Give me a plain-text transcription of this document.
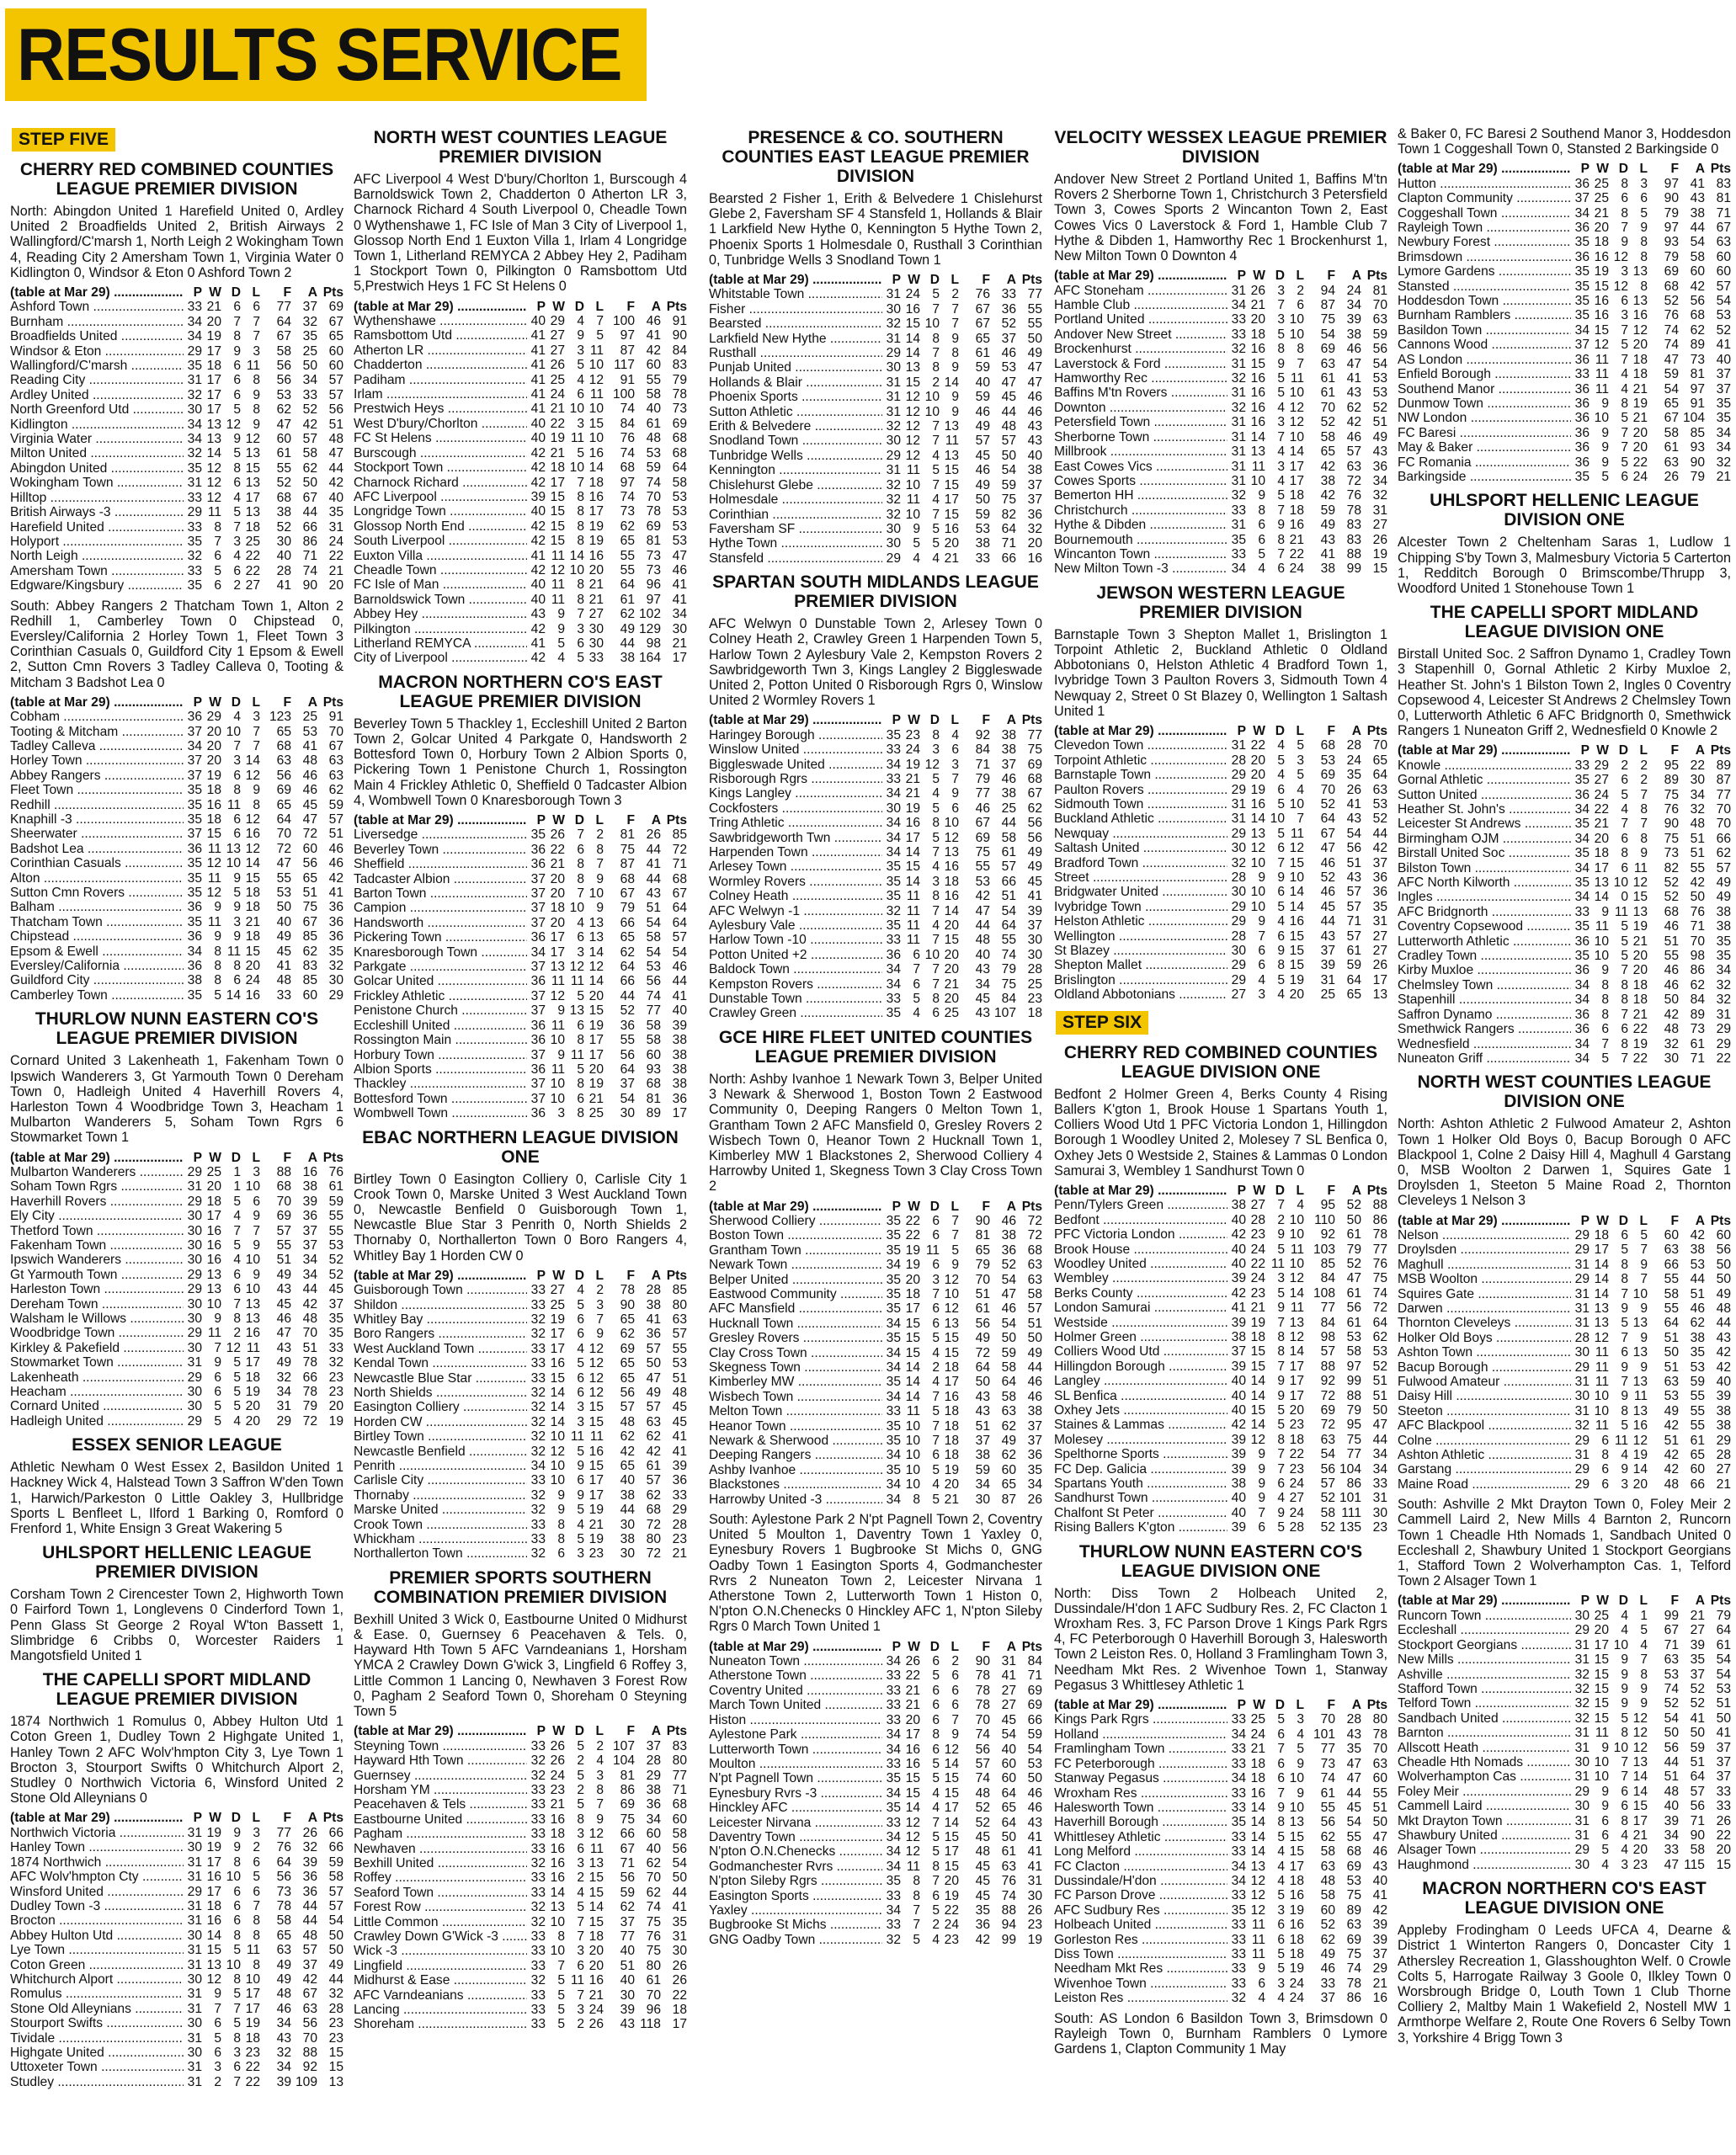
RESULTS SERVICE
STEP FIVE
CHERRY RED COMBINED COUNTIES LEAGUE PREMIER DIVISION

North: Abingdon United 1 Harefield United 0, Ardley United 2 Broadfields United 2, British Airways 2 Wallingford/C'marsh 1, North Leigh 2 Wokingham Town 4, Reading City 2 Amersham Town 1, Virginia Water 0 Kidlington 0, Windsor & Eton 0 Ashford Town 2

(table at Mar 29) .....	P W D L	F	A Pts
Ashford Town .....	33 21 6 6	77 37 69
Burnham .....	34 20 7 7	64 32 67
Broadfields United .....	34 19 8 7	67 35 65
Windsor & Eton .....	29 17 9 3	58 25 60
Wallingford/C'marsh .....	35 18 6 11	56 50 60
Reading City .....	31 17 6 8	56 34 57
Ardley United .....	32 17 6 9	53 33 57
North Greenford Utd .....	30 17 5 8	62 52 56
Kidlington .....	34 13 12 9	47 42 51
Virginia Water .....	34 13 9 12	60 57 48
Milton United .....	32 14 5 13	61 58 47
Abingdon United .....	35 12 8 15	55 62 44
Wokingham Town .....	31 12 6 13	52 50 42
Hilltop .....	33 12 4 17	68 67 40
British Airways -3 .....	29 11 5 13	38 44 35
Harefield United .....	33 8 7 18	52 66 31
Holyport .....	35 7 3 25	30 86 24
North Leigh .....	32 6 4 22	40 71 22
Amersham Town .....	33 5 6 22	28 74 21
Edgware/Kingsbury .....	35 6 2 27	41 90 20

South: Abbey Rangers 2 Thatcham Town 1, Alton 2 Redhill 1, Camberley Town 0 Chipstead 0, Eversley/California 2 Horley Town 1, Fleet Town 3 Corinthian Casuals 0, Guildford City 1 Epsom & Ewell 2, Sutton Cmn Rovers 3 Tadley Calleva 0, Tooting & Mitcham 3 Badshot Lea 0

(table at Mar 29) .....	P W D L	F	A Pts
Cobham .....	36 29 4 3 123 25 91
Tooting & Mitcham .....	37 20 10 7	65 53 70
Tadley Calleva .....	34 20 7 7	68 41 67
Horley Town .....	37 20 3 14	63 48 63
Abbey Rangers .....	37 19 6 12	56 46 63
Fleet Town .....	35 18 8 9	69 46 62
Redhill .....	35 16 11 8	65 45 59
Knaphill -3 .....	35 18 6 12	64 47 57
Sheerwater .....	37 15 6 16	70 72 51
Badshot Lea .....	36 11 13 12	72 60 46
Corinthian Casuals .....	35 12 10 14	47 56 46
Alton .....	35 11 9 15	55 65 42
Sutton Cmn Rovers .....	35 12 5 18	53 51 41
Balham .....	36 9 9 18	50 75 36
Thatcham Town .....	35 11 3 21	40 67 36
Chipstead .....	36 9 9 18	49 85 36
Epsom & Ewell .....	34 8 11 15	45 62 35
Eversley/California .....	36 8 8 20	41 83 32
Guildford City .....	38 8 6 24	48 85 30
Camberley Town .....	35 5 14 16	33 60 29
THURLOW NUNN EASTERN CO'S LEAGUE PREMIER DIVISION

Cornard United 3 Lakenheath 1, Fakenham Town 0 Ipswich Wanderers 3, Gt Yarmouth Town 0 Dereham Town 0, Hadleigh United 4 Haverhill Rovers 4, Harleston Town 4 Woodbridge Town 3, Heacham 1 Mulbarton Wanderers 5, Soham Town Rgrs 6 Stowmarket Town 1

(table at Mar 29) .....	P W D L	F	A Pts
Mulbarton Wanderers .....	29 25 1 3	88 16 76
Soham Town Rgrs .....	31 20 1 10	68 38 61
Haverhill Rovers .....	29 18 5 6	70 39 59
Ely City .....	30 17 4 9	69 36 55
Thetford Town .....	30 16 7 7	57 37 55
Fakenham Town .....	30 16 5 9	55 37 53
Ipswich Wanderers .....	30 16 4 10	51 34 52
Gt Yarmouth Town .....	29 13 6 9	49 34 52
Harleston Town .....	29 13 6 10	43 44 45
Dereham Town .....	30 10 7 13	45 42 37
Walsham le Willows .....	30 9 8 13	46 48 35
Woodbridge Town .....	29 11 2 16	47 70 35
Kirkley & Pakefield .....	30 7 12 11	43 51 33
Stowmarket Town .....	31 9 5 17	49 78 32
Lakenheath .....	29 6 5 18	32 66 23
Heacham .....	30 6 5 19	34 78 23
Cornard United .....	30 5 5 20	31 79 20
Hadleigh United .....	29 5 4 20	29 72 19
ESSEX SENIOR LEAGUE

Athletic Newham 0 West Essex 2, Basildon United 1 Hackney Wick 4, Halstead Town 3 Saffron W'den Town 1, Harwich/Parkeston 0 Little Oakley 3, Hullbridge Sports L Benfleet L, Ilford 1 Barking 0, Romford 0 Frenford 1, White Ensign 3 Great Wakering 5

UHLSPORT HELLENIC LEAGUE PREMIER DIVISION

Corsham Town 2 Cirencester Town 2, Highworth Town 0 Fairford Town 1, Longlevens 0 Cinderford Town 1, Penn Glass St George 2 Royal W'ton Bassett 1, Slimbridge 6 Cribbs 0, Worcester Raiders 1 Mangotsfield United 1

THE CAPELLI SPORT MIDLAND LEAGUE PREMIER DIVISION

1874 Northwich 1 Romulus 0, Abbey Hulton Utd 1 Coton Green 1, Dudley Town 2 Highgate United 1, Hanley Town 2 AFC Wolv'hmpton City 3, Lye Town 1 Brocton 3, Stourport Swifts 0 Whitchurch Alport 2, Studley 0 Northwich Victoria 6, Winsford United 2 Stone Old Alleynians 0

(table at Mar 29) .....	P W D L	F	A Pts
Northwich Victoria .....	31 19 9 3	77 26 66
Hanley Town .....	30 19 9 2	76 32 66
1874 Northwich .....	31 17 8 6	64 39 59
AFC Wolv'hmpton Cty .....	31 16 10 5	56 36 58
Winsford United .....	29 17 6 6	73 36 57
Dudley Town -3 .....	31 18 6 7	78 44 57
Brocton .....	31 16 6 8	58 44 54
Abbey Hulton Utd .....	30 14 8 8	65 48 50
Lye Town .....	31 15 5 11	63 57 50
Coton Green .....	31 13 10 8	49 37 49
Whitchurch Alport .....	30 12 8 10	49 42 44
Romulus .....	31 9 5 17	48 67 32
Stone Old Alleynians .....	31 7 7 17	46 63 28
Stourport Swifts .....	30 6 5 19	34 56 23
Tividale .....	31 5 8 18	43 70 23
Highgate United .....	30 6 3 23	32 88 15
Uttoxeter Town .....	31 3 6 22	34 92 15
Studley .....	31 2 7 22	39 109 13
NORTH WEST COUNTIES LEAGUE PREMIER DIVISION

AFC Liverpool 4 West D'bury/Chorlton 1, Burscough 4 Barnoldswick Town 2, Chadderton 0 Atherton LR 3, Charnock Richard 4 South Liverpool 0, Cheadle Town 0 Wythenshawe 1, FC Isle of Man 3 City of Liverpool 1, Glossop North End 1 Euxton Villa 1, Irlam 4 Longridge Town 1, Litherland REMYCA 2 Abbey Hey 2, Padiham 1 Stockport Town 0, Pilkington 0 Ramsbottom Utd 5,Prestwich Heys 1 FC St Helens 0

(table at Mar 29) .....	P W D L	F	A Pts
Wythenshawe .....	40 29 4 7 100 46 91
Ramsbottom Utd .....	41 27 9 5	97 41 90
Atherton LR .....	41 27 3 11	87 42 84
Chadderton .....	41 26 5 10 117 60 83
Padiham .....	41 25 4 12	91 55 79
Irlam .....	41 24 6 11 100 58 78
Prestwich Heys .....	41 21 10 10	74 40 73
West D'bury/Chorlton .....	40 22 3 15	84 61 69
FC St Helens .....	40 19 11 10	76 48 68
Burscough .....	42 21 5 16	74 53 68
Stockport Town .....	42 18 10 14	68 59 64
Charnock Richard .....	42 17 7 18	97 74 58
AFC Liverpool .....	39 15 8 16	74 70 53
Longridge Town .....	40 15 8 17	73 78 53
Glossop North End .....	42 15 8 19	62 69 53
South Liverpool .....	42 15 8 19	65 81 53
Euxton Villa .....	41 11 14 16	55 73 47
Cheadle Town .....	42 12 10 20	55 73 46
FC Isle of Man .....	40 11 8 21	64 96 41
Barnoldswick Town .....	40 11 8 21	61 97 41
Abbey Hey .....	43 9 7 27	62 102 34
Pilkington .....	42 9 3 30	49 129 30
Litherland REMYCA .....	41 5 6 30	44 98 21
City of Liverpool .....	42 4 5 33	38 164 17
MACRON NORTHERN CO'S EAST LEAGUE PREMIER DIVISION

Beverley Town 5 Thackley 1, Eccleshill United 2 Barton Town 2, Golcar United 4 Parkgate 0, Handsworth 2 Bottesford Town 0, Horbury Town 2 Albion Sports 0, Pickering Town 1 Penistone Church 1, Rossington Main 4 Frickley Athletic 0, Sheffield 0 Tadcaster Albion 4, Wombwell Town 0 Knaresborough Town 3

(table at Mar 29) .....	P W D L	F	A Pts
Liversedge .....	35 26 7 2	81 26 85
Beverley Town .....	36 22 6 8	75 44 72
Sheffield .....	36 21 8 7	87 41 71
Tadcaster Albion .....	37 20 8 9	68 44 68
Barton Town .....	37 20 7 10	67 43 67
Campion .....	37 18 10 9	79 51 64
Handsworth .....	37 20 4 13	66 54 64
Pickering Town .....	36 17 6 13	65 58 57
Knaresborough Town .....	34 17 3 14	62 54 54
Parkgate .....	37 13 12 12	64 53 46
Golcar United .....	36 11 11 14	66 56 44
Frickley Athletic .....	37 12 5 20	44 74 41
Penistone Church .....	37 9 13 15	52 77 40
Eccleshill United .....	36 11 6 19	36 58 39
Rossington Main .....	36 10 8 17	55 58 38
Horbury Town .....	37 9 11 17	56 60 38
Albion Sports .....	36 11 5 20	64 93 38
Thackley .....	37 10 8 19	37 68 38
Bottesford Town .....	37 10 6 21	54 81 36
Wombwell Town .....	36 3 8 25	30 89 17
EBAC NORTHERN LEAGUE DIVISION ONE

Birtley Town 0 Easington Colliery 0, Carlisle City 1 Crook Town 0, Marske United 3 West Auckland Town 0, Newcastle Benfield 0 Guisborough Town 1, Newcastle Blue Star 3 Penrith 0, North Shields 2 Thornaby 0, Northallerton Town 0 Boro Rangers 4, Whitley Bay 1 Horden CW 0

(table at Mar 29) .....	P W D L	F	A Pts
Guisborough Town .....	33 27 4 2	78 28 85
Shildon .....	33 25 5 3	90 38 80
Whitley Bay .....	32 19 6 7	65 41 63
Boro Rangers .....	32 17 6 9	62 36 57
West Auckland Town .....	33 17 4 12	69 57 55
Kendal Town .....	33 16 5 12	65 50 53
Newcastle Blue Star .....	33 15 6 12	65 47 51
North Shields .....	32 14 6 12	56 49 48
Easington Colliery .....	32 14 3 15	57 57 45
Horden CW .....	32 14 3 15	48 63 45
Birtley Town .....	32 10 11 11	62 62 41
Newcastle Benfield .....	32 12 5 16	42 42 41
Penrith .....	34 10 9 15	65 61 39
Carlisle City .....	33 10 6 17	40 57 36
Thornaby .....	32 9 9 17	38 62 33
Marske United .....	32 9 5 19	44 68 29
Crook Town .....	33 8 4 21	30 72 28
Whickham .....	33 8 5 19	38 80 23
Northallerton Town .....	32 6 3 23	30 72 21
PREMIER SPORTS SOUTHERN COMBINATION PREMIER DIVISION

Bexhill United 3 Wick 0, Eastbourne United 0 Midhurst & Ease. 0, Guernsey 6 Peacehaven & Tels. 0, Hayward Hth Town 5 AFC Varndeanians 1, Horsham YMCA 2 Crawley Down G'wick 3, Lingfield 6 Roffey 3, Little Common 1 Lancing 0, Newhaven 3 Forest Row 0, Pagham 2 Seaford Town 0, Shoreham 0 Steyning Town 5

(table at Mar 29) .....	P W D L	F	A Pts
Steyning Town .....	33 26 5 2 107 37 83
Hayward Hth Town .....	32 26 2 4 104 28 80
Guernsey .....	32 24 5 3	81 29 77
Horsham YM .....	33 23 2 8	86 38 71
Peacehaven & Tels .....	33 21 5 7	69 36 68
Eastbourne United .....	33 16 8 9	75 34 60
Pagham .....	33 18 3 12	66 60 58
Newhaven .....	33 16 6 11	67 40 56
Bexhill United .....	32 16 3 13	71 62 54
Roffey .....	33 16 2 15	56 70 50
Seaford Town .....	33 14 4 15	59 62 44
Forest Row .....	32 13 5 14	62 74 41
Little Common .....	32 10 7 15	37 75 35
Crawley Down G'Wick -3 .....	33 8 7 18	77 76 31
Wick -3 .....	33 10 3 20	40 75 30
Lingfield .....	33 7 6 20	51 80 26
Midhurst & Ease .....	32 5 11 16	40 61 26
AFC Varndeanians .....	33 5 7 21	30 70 22
Lancing .....	33 5 3 24	39 96 18
Shoreham .....	33 5 2 26	43 118 17
PRESENCE & CO. SOUTHERN COUNTIES EAST LEAGUE PREMIER DIVISION

Bearsted 2 Fisher 1, Erith & Belvedere 1 Chislehurst Glebe 2, Faversham SF 4 Stansfeld 1, Hollands & Blair 1 Larkfield New Hythe 0, Kennington 5 Hythe Town 2, Phoenix Sports 1 Holmesdale 0, Rusthall 3 Corinthian 0, Tunbridge Wells 3 Snodland Town 1

(table at Mar 29) .....	P W D L	F	A Pts
Whitstable Town .....	31 24 5 2	76 33 77
Fisher .....	30 16 7 7	67 36 55
Bearsted .....	32 15 10 7	67 52 55
Larkfield New Hythe .....	31 14 8 9	65 37 50
Rusthall .....	29 14 7 8	61 46 49
Punjab United .....	30 13 8 9	59 53 47
Hollands & Blair .....	31 15 2 14	40 47 47
Phoenix Sports .....	31 12 10 9	59 45 46
Sutton Athletic .....	31 12 10 9	46 44 46
Erith & Belvedere .....	32 12 7 13	49 48 43
Snodland Town .....	30 12 7 11	57 57 43
Tunbridge Wells .....	29 12 4 13	45 50 40
Kennington .....	31 11 5 15	46 54 38
Chislehurst Glebe .....	32 10 7 15	49 59 37
Holmesdale .....	32 11 4 17	50 75 37
Corinthian .....	32 10 7 15	59 82 36
Faversham SF .....	30 9 5 16	53 64 32
Hythe Town .....	30 5 5 20	38 71 20
Stansfeld .....	29 4 4 21	33 66 16
SPARTAN SOUTH MIDLANDS LEAGUE PREMIER DIVISION

AFC Welwyn 0 Dunstable Town 2, Arlesey Town 0 Colney Heath 2, Crawley Green 1 Harpenden Town 5, Harlow Town 2 Aylesbury Vale 2, Kempston Rovers 2 Sawbridgeworth Twn 3, Kings Langley 2 Biggleswade United 2, Potton United 0 Risborough Rgrs 0, Winslow United 2 Wormley Rovers 1

(table at Mar 29) .....	P W D L	F	A Pts
Haringey Borough .....	35 23 8 4	92 38 77
Winslow United .....	33 24 3 6	84 38 75
Biggleswade United .....	34 19 12 3	71 37 69
Risborough Rgrs .....	33 21 5 7	79 46 68
Kings Langley .....	34 21 4 9	77 38 67
Cockfosters .....	30 19 5 6	46 25 62
Tring Athletic .....	34 16 8 10	67 44 56
Sawbridgeworth Twn .....	34 17 5 12	69 58 56
Harpenden Town .....	34 14 7 13	75 61 49
Arlesey Town .....	35 15 4 16	55 57 49
Wormley Rovers .....	35 14 3 18	53 66 45
Colney Heath .....	35 11 8 16	42 51 41
AFC Welwyn -1 .....	32 11 7 14	47 54 39
Aylesbury Vale .....	35 11 4 20	44 64 37
Harlow Town -10 .....	33 11 7 15	48 55 30
Potton United +2 .....	36 6 10 20	40 74 30
Baldock Town .....	34 7 7 20	43 79 28
Kempston Rovers .....	34 6 7 21	34 75 25
Dunstable Town .....	33 5 8 20	45 84 23
Crawley Green .....	35 4 6 25	43 107 18
GCE HIRE FLEET UNITED COUNTIES LEAGUE PREMIER DIVISION

North: Ashby Ivanhoe 1 Newark Town 3, Belper United 3 Newark & Sherwood 1, Boston Town 2 Eastwood Community 0, Deeping Rangers 0 Melton Town 1, Grantham Town 2 AFC Mansfield 0, Gresley Rovers 2 Wisbech Town 0, Heanor Town 2 Hucknall Town 1, Kimberley MW 1 Blackstones 2, Sherwood Colliery 4 Harrowby United 1, Skegness Town 3 Clay Cross Town 2

(table at Mar 29) .....	P W D L	F	A Pts
Sherwood Colliery .....	35 22 6 7	90 46 72
Boston Town .....	35 22 6 7	81 38 72
Grantham Town .....	35 19 11 5	65 36 68
Newark Town .....	34 19 6 9	79 52 63
Belper United .....	35 20 3 12	70 54 63
Eastwood Community .....	35 18 7 10	51 47 58
AFC Mansfield .....	35 17 6 12	61 46 57
Hucknall Town .....	34 15 6 13	56 54 51
Gresley Rovers .....	35 15 5 15	49 50 50
Clay Cross Town .....	34 15 4 15	72 59 49
Skegness Town .....	34 14 2 18	64 58 44
Kimberley MW .....	35 14 4 17	50 64 46
Wisbech Town .....	34 14 7 16	43 58 46
Melton Town .....	33 11 5 18	43 63 38
Heanor Town .....	35 10 7 18	51 62 37
Newark & Sherwood .....	35 10 7 18	37 49 37
Deeping Rangers .....	34 10 6 18	38 62 36
Ashby Ivanhoe .....	35 10 5 19	59 60 35
Blackstones .....	34 10 4 20	34 65 34
Harrowby United -3 .....	34 8 5 21	30 87 26

South: Aylestone Park 2 N'pt Pagnell Town 2, Coventry United 5 Moulton 1, Daventry Town 1 Yaxley 0, Eynesbury Rovers 1 Bugbrooke St Michs 0, GNG Oadby Town 1 Easington Sports 4, Godmanchester Rvrs 2 Nuneaton Town 2, Leicester Nirvana 1 Atherstone Town 2, Lutterworth Town 1 Histon 0, N'pton O.N.Chenecks 0 Hinckley AFC 1, N'pton Sileby Rgrs 0 March Town United 1

(table at Mar 29) .....	P W D L	F	A Pts
Nuneaton Town .....	34 26 6 2	90 31 84
Atherstone Town .....	33 22 5 6	78 41 71
Coventry United .....	33 21 6 6	78 27 69
March Town United .....	33 21 6 6	78 27 69
Histon .....	33 20 6 7	70 45 66
Aylestone Park .....	34 17 8 9	74 54 59
Lutterworth Town .....	34 16 6 12	56 40 54
Moulton .....	33 16 5 14	57 60 53
N'pt Pagnell Town .....	35 15 5 15	74 60 50
Eynesbury Rvrs -3 .....	34 15 4 15	48 64 46
Hinckley AFC .....	35 14 4 17	52 65 46
Leicester Nirvana .....	33 12 7 14	52 64 43
Daventry Town .....	34 12 5 15	45 50 41
N'pton O.N.Chenecks .....	34 12 5 17	48 61 41
Godmanchester Rvrs .....	34 11 8 15	45 63 41
N'pton Sileby Rgrs .....	35 8 7 20	45 76 31
Easington Sports .....	33 8 6 19	45 74 30
Yaxley .....	34 7 5 22	35 88 26
Bugbrooke St Michs .....	33 7 2 24	36 94 23
GNG Oadby Town .....	32 5 4 23	42 99 19
VELOCITY WESSEX LEAGUE PREMIER DIVISION

Andover New Street 2 Portland United 1, Baffins M'tn Rovers 2 Sherborne Town 1, Christchurch 3 Petersfield Town 3, Cowes Sports 2 Wincanton Town 2, East Cowes Vics 0 Laverstock & Ford 1, Hamble Club 7 Hythe & Dibden 1, Hamworthy Rec 1 Brockenhurst 1, New Milton Town 0 Downton 4

(table at Mar 29) .....	P W D L	F	A Pts
AFC Stoneham .....	31 26 3 2	94 24 81
Hamble Club .....	34 21 7 6	87 34 70
Portland United .....	33 20 3 10	75 39 63
Andover New Street .....	33 18 5 10	54 38 59
Brockenhurst .....	32 16 8 8	69 46 56
Laverstock & Ford .....	31 15 9 7	63 47 54
Hamworthy Rec .....	32 16 5 11	61 41 53
Baffins M'tn Rovers .....	31 16 5 10	61 43 53
Downton .....	32 16 4 12	70 62 52
Petersfield Town .....	31 16 3 12	52 42 51
Sherborne Town .....	31 14 7 10	58 46 49
Millbrook .....	31 13 4 14	65 57 43
East Cowes Vics .....	31 11 3 17	42 63 36
Cowes Sports .....	31 10 4 17	38 72 34
Bemerton HH .....	32 9 5 18	42 76 32
Christchurch .....	33 8 7 18	59 78 31
Hythe & Dibden .....	31 6 9 16	49 83 27
Bournemouth .....	35 6 8 21	43 83 26
Wincanton Town .....	33 5 7 22	41 88 19
New Milton Town -3 .....	34 4 6 24	38 99 15
JEWSON WESTERN LEAGUE PREMIER DIVISION

Barnstaple Town 3 Shepton Mallet 1, Brislington 1 Torpoint Athletic 2, Buckland Athletic 0 Oldland Abbotonians 0, Helston Athletic 4 Bradford Town 1, Ivybridge Town 3 Paulton Rovers 3, Sidmouth Town 4 Newquay 2, Street 0 St Blazey 0, Wellington 1 Saltash United 1

(table at Mar 29) .....	P W D L	F	A Pts
Clevedon Town .....	31 22 4 5	68 28 70
Torpoint Athletic .....	28 20 5 3	53 24 65
Barnstaple Town .....	29 20 4 5	69 35 64
Paulton Rovers .....	29 19 6 4	70 26 63
Sidmouth Town .....	31 16 5 10	52 41 53
Buckland Athletic .....	31 14 10 7	64 43 52
Newquay .....	29 13 5 11	67 54 44
Saltash United .....	30 12 6 12	47 56 42
Bradford Town .....	32 10 7 15	46 51 37
Street .....	28 9 9 10	52 43 36
Bridgwater United .....	30 10 6 14	46 57 36
Ivybridge Town .....	29 10 5 14	45 57 35
Helston Athletic .....	29 9 4 16	44 71 31
Wellington .....	28 7 6 15	43 57 27
St Blazey .....	30 6 9 15	37 61 27
Shepton Mallet .....	29 6 8 15	39 59 26
Brislington .....	29 4 5 19	31 64 17
Oldland Abbotonians .....	27 3 4 20	25 65 13
STEP SIX
CHERRY RED COMBINED COUNTIES LEAGUE DIVISION ONE

Bedfont 2 Holmer Green 4, Berks County 4 Rising Ballers K'gton 1, Brook House 1 Spartans Youth 1, Colliers Wood Utd 1 PFC Victoria London 1, Hillingdon Borough 1 Woodley United 2, Molesey 7 SL Benfica 0, Oxhey Jets 0 Westside 2, Staines & Lammas 0 London Samurai 3, Wembley 1 Sandhurst Town 0

(table at Mar 29) .....	P W D L	F	A Pts
Penn/Tylers Green .....	38 27 7 4	95 52 88
Bedfont .....	40 28 2 10 110 50 86
PFC Victoria London .....	42 23 9 10	92 61 78
Brook House .....	40 24 5 11 103 79 77
Woodley United .....	40 22 11 10	85 52 76
Wembley .....	39 24 3 12	84 47 75
Berks County .....	42 23 5 14 108 61 74
London Samurai .....	41 21 9 11	77 56 72
Westside .....	39 19 7 13	84 61 64
Holmer Green .....	38 18 8 12	98 53 62
Colliers Wood Utd .....	37 15 8 14	57 58 53
Hillingdon Borough .....	39 15 7 17	88 97 52
Langley .....	40 14 9 17	92 99 51
SL Benfica .....	40 14 9 17	72 88 51
Oxhey Jets .....	40 15 5 20	69 79 50
Staines & Lammas .....	42 14 5 23	72 95 47
Molesey .....	39 12 8 18	63 75 44
Spelthorne Sports .....	39 9 7 22	54 77 34
FC Dep. Galicia .....	39 9 7 23	56 104 34
Spartans Youth .....	38 9 6 24	57 86 33
Sandhurst Town .....	40 9 4 27	52 101 31
Chalfont St Peter .....	40 7 9 24	58 111 30
Rising Ballers K'gton .....	39 6 5 28	52 135 23
THURLOW NUNN EASTERN CO'S LEAGUE DIVISION ONE

North: Diss Town 2 Holbeach United 2, Dussindale/H'don 1 AFC Sudbury Res. 2, FC Clacton 1 Wroxham Res. 3, FC Parson Drove 1 Kings Park Rgrs 4, FC Peterborough 0 Haverhill Borough 3, Halesworth Town 2 Leiston Res. 0, Holland 3 Framlingham Town 3, Needham Mkt Res. 2 Wivenhoe Town 1, Stanway Pegasus 3 Whittlesey Athletic 1

(table at Mar 29) .....	P W D L	F	A Pts
Kings Park Rgrs .....	33 25 5 3	70 28 80
Holland .....	34 24 6 4 101 43 78
Framlingham Town .....	33 21 7 5	77 35 70
FC Peterborough .....	33 18 6 9	73 47 63
Stanway Pegasus .....	34 18 6 10	74 47 60
Wroxham Res .....	33 16 7 9	61 44 55
Halesworth Town .....	33 14 9 10	55 45 51
Haverhill Borough .....	35 14 8 13	56 54 50
Whittlesey Athletic .....	33 14 5 15	62 55 47
Long Melford .....	33 14 4 15	58 68 46
FC Clacton .....	34 13 4 17	63 69 43
Dussindale/H'don .....	34 12 4 18	48 53 40
FC Parson Drove .....	33 12 5 16	58 75 41
AFC Sudbury Res .....	35 12 3 19	60 89 42
Holbeach United .....	33 11 6 16	52 63 39
Gorleston Res .....	33 11 6 18	62 69 39
Diss Town .....	33 11 5 18	49 75 37
Needham Mkt Res .....	33 9 5 19	46 74 29
Wivenhoe Town .....	33 6 3 24	33 78 21
Leiston Res .....	32 4 4 24	37 86 16

South: AS London 6 Basildon Town 3, Brimsdown 0 Rayleigh Town 0, Burnham Ramblers 0 Lymore Gardens 1, Clapton Community 1 May

& Baker 0, FC Baresi 2 Southend Manor 3, Hoddesdon Town 1 Coggeshall Town 0, Stansted 2 Barkingside 0

(table at Mar 29) .....	P W D L	F	A Pts
Hutton .....	36 25 8 3	97 41 83
Clapton Community .....	37 25 6 6	90 43 81
Coggeshall Town .....	34 21 8 5	79 38 71
Rayleigh Town .....	36 20 7 9	97 44 67
Newbury Forest .....	35 18 9 8	93 54 63
Brimsdown .....	36 16 12 8	79 58 60
Lymore Gardens .....	35 19 3 13	69 60 60
Stansted .....	35 15 12 8	68 42 57
Hoddesdon Town .....	35 16 6 13	52 56 54
Burnham Ramblers .....	35 16 3 16	76 68 53
Basildon Town .....	34 15 7 12	74 62 52
Cannons Wood .....	37 12 5 20	74 89 41
AS London .....	36 11 7 18	47 73 40
Enfield Borough .....	33 11 4 18	59 81 37
Southend Manor .....	36 11 4 21	54 97 37
Dunmow Town .....	36 9 8 19	65 91 35
NW London .....	36 10 5 21	67 104 35
FC Baresi .....	36 9 7 20	58 85 34
May & Baker .....	36 9 7 20	61 93 34
FC Romania .....	36 9 5 22	63 90 32
Barkingside .....	35 5 6 24	26 79 21
UHLSPORT HELLENIC LEAGUE DIVISION ONE

Alcester Town 2 Cheltenham Saras 1, Ludlow 1 Chipping S'by Town 3, Malmesbury Victoria 5 Carterton 1, Redditch Borough 0 Brimscombe/Thrupp 3, Woodford United 1 Stonehouse Town 1

THE CAPELLI SPORT MIDLAND LEAGUE DIVISION ONE

Birstall United Soc. 2 Saffron Dynamo 1, Cradley Town 3 Stapenhill 0, Gornal Athletic 2 Kirby Muxloe 2, Heather St. John's 1 Bilston Town 2, Ingles 0 Coventry Copsewood 4, Leicester St Andrews 2 Chelmsley Town 0, Lutterworth Athletic 6 AFC Bridgnorth 0, Smethwick Rangers 1 Nuneaton Griff 2, Wednesfield 0 Knowle 2

(table at Mar 29) .....	P W D L	F	A Pts
Knowle .....	33 29 2 2	95 22 89
Gornal Athletic .....	35 27 6 2	89 30 87
Sutton United .....	36 24 5 7	75 34 77
Heather St. John's .....	34 22 4 8	76 32 70
Leicester St Andrews .....	35 21 7 7	90 48 70
Birmingham OJM .....	34 20 6 8	75 51 66
Birstall United Soc .....	35 18 8 9	73 51 62
Bilston Town .....	34 17 6 11	82 55 57
AFC North Kilworth .....	35 13 10 12	52 42 49
Ingles .....	34 14 0 15	52 50 49
AFC Bridgnorth .....	33 9 11 13	68 76 38
Coventry Copsewood .....	35 11 5 19	46 71 38
Lutterworth Athletic .....	36 10 5 21	51 70 35
Cradley Town .....	35 10 5 20	55 98 35
Kirby Muxloe .....	36 9 7 20	46 86 34
Chelmsley Town .....	34 8 8 18	46 62 32
Stapenhill .....	34 8 8 18	50 84 32
Saffron Dynamo .....	36 8 7 21	42 89 31
Smethwick Rangers .....	36 6 6 22	48 73 29
Wednesfield .....	34 7 8 19	32 61 29
Nuneaton Griff .....	34 5 7 22	30 71 22
NORTH WEST COUNTIES LEAGUE DIVISION ONE

North: Ashton Athletic 2 Fulwood Amateur 2, Ashton Town 1 Holker Old Boys 0, Bacup Borough 0 AFC Blackpool 1, Colne 2 Daisy Hill 4, Maghull 4 Garstang 0, MSB Woolton 2 Darwen 1, Squires Gate 1 Droylsden 1, Steeton 5 Maine Road 2, Thornton Cleveleys 1 Nelson 3

(table at Mar 29) .....	P W D L	F	A Pts
Nelson .....	29 18 6 5	60 42 60
Droylsden .....	29 17 5 7	63 38 56
Maghull .....	31 14 8 9	66 53 50
MSB Woolton .....	29 14 8 7	55 44 50
Squires Gate .....	31 14 7 10	58 51 49
Darwen .....	31 13 9 9	55 46 48
Thornton Cleveleys .....	31 13 5 13	64 62 44
Holker Old Boys .....	28 12 7 9	51 38 43
Ashton Town .....	30 11 6 13	50 35 42
Bacup Borough .....	29 11 9 9	51 53 42
Fulwood Amateur .....	31 11 7 13	63 59 40
Daisy Hill .....	30 10 9 11	53 55 39
Steeton .....	31 10 8 13	49 55 38
AFC Blackpool .....	32 11 5 16	42 55 38
Colne .....	29 6 11 12	51 61 29
Ashton Athletic .....	31 8 4 19	42 65 28
Garstang .....	29 6 9 14	42 60 27
Maine Road .....	29 6 3 20	48 66 21

South: Ashville 2 Mkt Drayton Town 0, Foley Meir 2 Cammell Laird 2, New Mills 4 Barnton 2, Runcorn Town 1 Cheadle Hth Nomads 1, Sandbach United 0 Eccleshall 2, Shawbury United 1 Stockport Georgians 1, Stafford Town 2 Wolverhampton Cas. 1, Telford Town 2 Alsager Town 1

(table at Mar 29) .....	P W D L	F	A Pts
Runcorn Town .....	30 25 4 1	99 21 79
Eccleshall .....	29 20 4 5	67 27 64
Stockport Georgians .....	31 17 10 4	71 39 61
New Mills .....	31 15 9 7	63 35 54
Ashville .....	32 15 9 8	53 37 54
Stafford Town .....	32 15 9 9	74 52 53
Telford Town .....	32 15 9 9	52 52 51
Sandbach United .....	32 15 5 12	54 41 50
Barnton .....	31 11 8 12	50 50 41
Allscott Heath .....	31 9 10 12	56 59 37
Cheadle Hth Nomads .....	30 10 7 13	44 51 37
Wolverhampton Cas .....	31 10 7 14	51 64 37
Foley Meir .....	29 9 6 14	48 57 33
Cammell Laird .....	30 9 6 15	40 56 33
Mkt Drayton Town .....	31 6 8 17	39 71 26
Shawbury United .....	31 6 4 21	34 90 22
Alsager Town .....	29 5 4 20	33 58 20
Haughmond .....	30 4 3 23	47 115 15
MACRON NORTHERN CO'S EAST LEAGUE DIVISION ONE

Appleby Frodingham 0 Leeds UFCA 4, Dearne & District 1 Winterton Rangers 0, Doncaster City 1 Athersley Recreation 1, Glasshoughton Welf. 0 Crowle Colts 5, Harrogate Railway 3 Goole 0, Ilkley Town 0 Worsbrough Bridge 0, Louth Town 1 Club Thorne Colliery 2, Maltby Main 1 Wakefield 2, Nostell MW 1 Armthorpe Welfare 2, Route One Rovers 6 Selby Town 3, Yorkshire 4 Brigg Town 3
